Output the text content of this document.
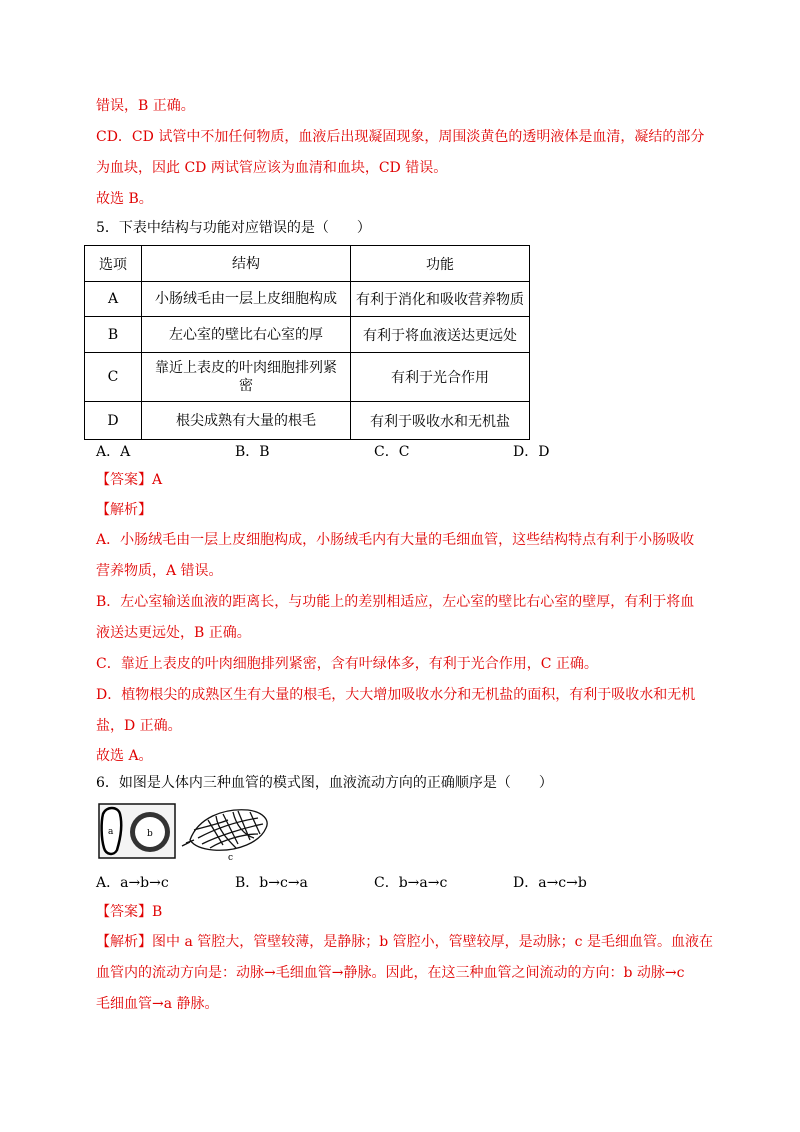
错误，B 正确。
CD．CD 试管中不加任何物质，血液后出现凝固现象，周围淡黄色的透明液体是血清，凝结的部分
为血块，因此 CD 两试管应该为血清和血块，CD 错误。
故选 B。
5．下表中结构与功能对应错误的是（　　）
选项	结构	功能
A	小肠绒毛由一层上皮细胞构成	有利于消化和吸收营养物质
B	左心室的壁比右心室的厚	有利于将血液送达更远处
C	靠近上表皮的叶肉细胞排列紧
密	有利于光合作用
D	根尖成熟有大量的根毛	有利于吸收水和无机盐
A．A	B．B	C．C	D．D
【答案】A
【解析】
A．小肠绒毛由一层上皮细胞构成，小肠绒毛内有大量的毛细血管，这些结构特点有利于小肠吸收
营养物质，A 错误。
B．左心室输送血液的距离长，与功能上的差别相适应，左心室的壁比右心室的壁厚，有利于将血
液送达更远处，B 正确。
C．靠近上表皮的叶肉细胞排列紧密，含有叶绿体多，有利于光合作用，C 正确。
D．植物根尖的成熟区生有大量的根毛，大大增加吸收水分和无机盐的面积，有利于吸收水和无机
盐，D 正确。
故选 A。
6．如图是人体内三种血管的模式图，血液流动方向的正确顺序是（　　）
a	b
c
A．a→b→c	B．b→c→a	C．b→a→c	D．a→c→b
【答案】B
【解析】图中 a 管腔大，管壁较薄，是静脉；b 管腔小，管壁较厚，是动脉；c 是毛细血管。血液在
血管内的流动方向是：动脉→毛细血管→静脉。因此，在这三种血管之间流动的方向：b 动脉→c
毛细血管→a 静脉。
